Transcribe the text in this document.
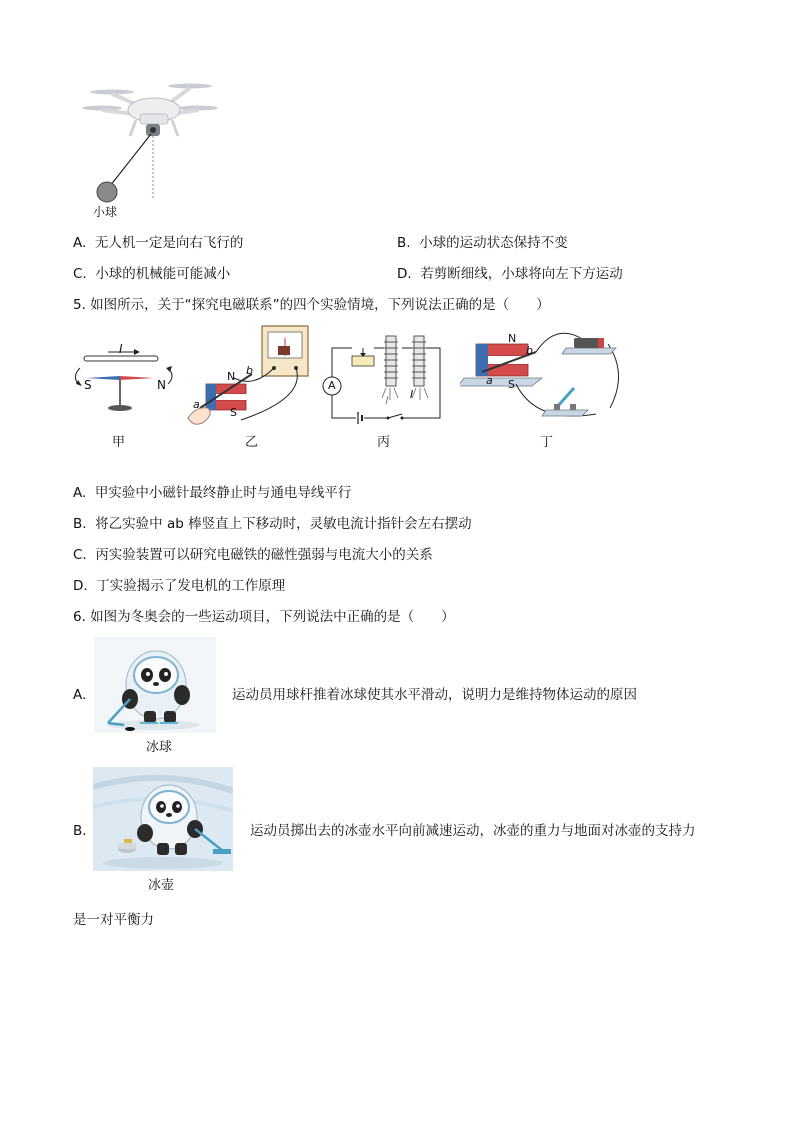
小球
A. 无人机一定是向右飞行的	B. 小球的运动状态保持不变
C. 小球的机械能可能减小	D. 若剪断细线，小球将向左下方运动
5. 如图所示，关于“探究电磁联系”的四个实验情境，下列说法正确的是（　　）
I
S	N
甲
N b
a
S
乙
A
I
丙
N
b
a S
丁
A. 甲实验中小磁针最终静止时与通电导线平行
B. 将乙实验中 ab 棒竖直上下移动时，灵敏电流计指针会左右摆动
C. 丙实验装置可以研究电磁铁的磁性强弱与电流大小的关系
D. 丁实验揭示了发电机的工作原理
6. 如图为冬奥会的一些运动项目，下列说法中正确的是（　　）
A.
冰球
运动员用球杆推着冰球使其水平滑动，说明力是维持物体运动的原因
B.
冰壶
运动员掷出去的冰壶水平向前减速运动，冰壶的重力与地面对冰壶的支持力
是一对平衡力
